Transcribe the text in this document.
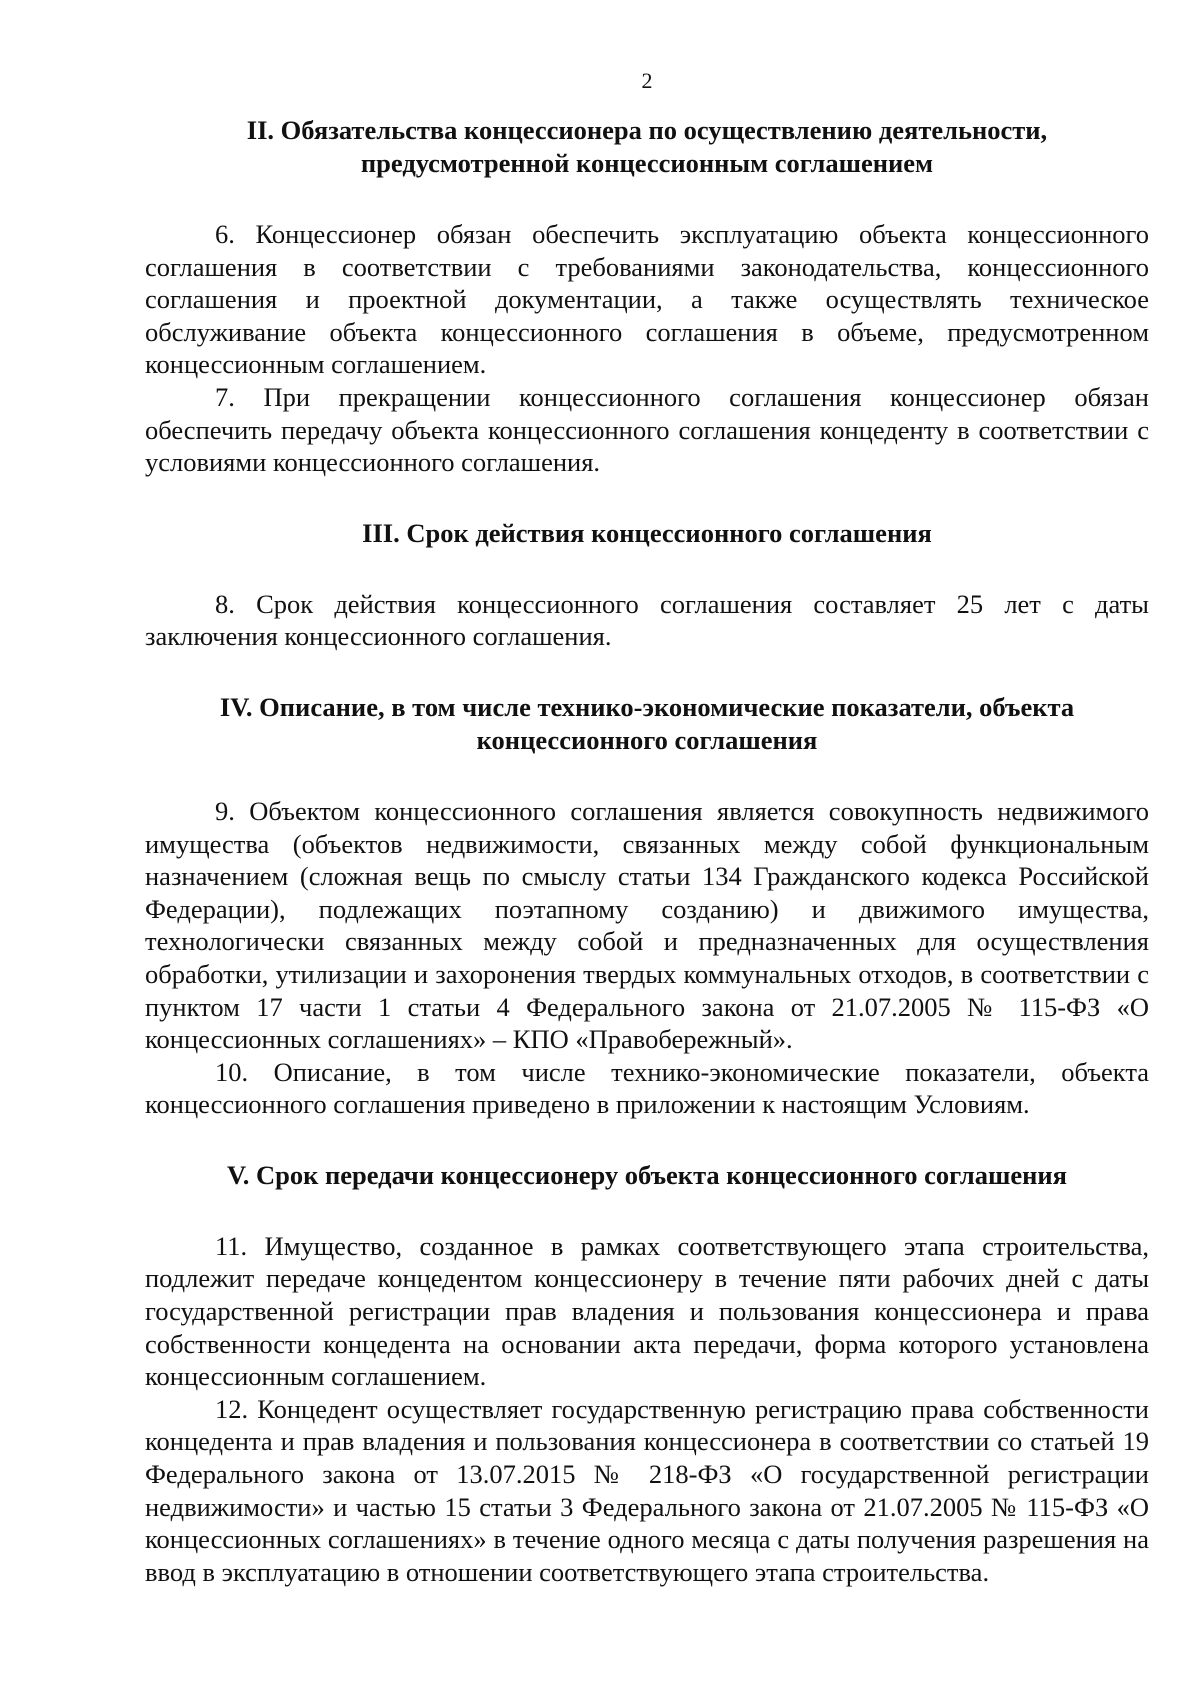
2
II. Обязательства концессионера по осуществлению деятельности,
предусмотренной концессионным соглашением

6. Концессионер обязан обеспечить эксплуатацию объекта концессионного соглашения в соответствии с требованиями законодательства, концессионного соглашения и проектной документации, а также осуществлять техническое обслуживание объекта концессионного соглашения в объеме, предусмотренном концессионным соглашением.

7. При прекращении концессионного соглашения концессионер обязан обеспечить передачу объекта концессионного соглашения концеденту в соответствии с условиями концессионного соглашения.

III. Срок действия концессионного соглашения

8. Срок действия концессионного соглашения составляет 25 лет с даты заключения концессионного соглашения.

IV. Описание, в том числе технико-экономические показатели, объекта
концессионного соглашения

9. Объектом концессионного соглашения является совокупность недвижимого имущества (объектов недвижимости, связанных между собой функциональным назначением (сложная вещь по смыслу статьи 134 Гражданского кодекса Российской Федерации), подлежащих поэтапному созданию) и движимого имущества, технологически связанных между собой и предназначенных для осуществления обработки, утилизации и захоронения твердых коммунальных отходов, в соответствии с пунктом 17 части 1 статьи 4 Федерального закона от 21.07.2005 № 115-ФЗ «О концессионных соглашениях» – КПО «Правобережный».

10. Описание, в том числе технико-экономические показатели, объекта концессионного соглашения приведено в приложении к настоящим Условиям.

V. Срок передачи концессионеру объекта концессионного соглашения

11. Имущество, созданное в рамках соответствующего этапа строительства, подлежит передаче концедентом концессионеру в течение пяти рабочих дней с даты государственной регистрации прав владения и пользования концессионера и права собственности концедента на основании акта передачи, форма которого установлена концессионным соглашением.

12. Концедент осуществляет государственную регистрацию права собственности концедента и прав владения и пользования концессионера в соответствии со статьей 19 Федерального закона от 13.07.2015 № 218-ФЗ «О государственной регистрации недвижимости» и частью 15 статьи 3 Федерального закона от 21.07.2005 № 115-ФЗ «О концессионных соглашениях» в течение одного месяца с даты получения разрешения на ввод в эксплуатацию в отношении соответствующего этапа строительства.
